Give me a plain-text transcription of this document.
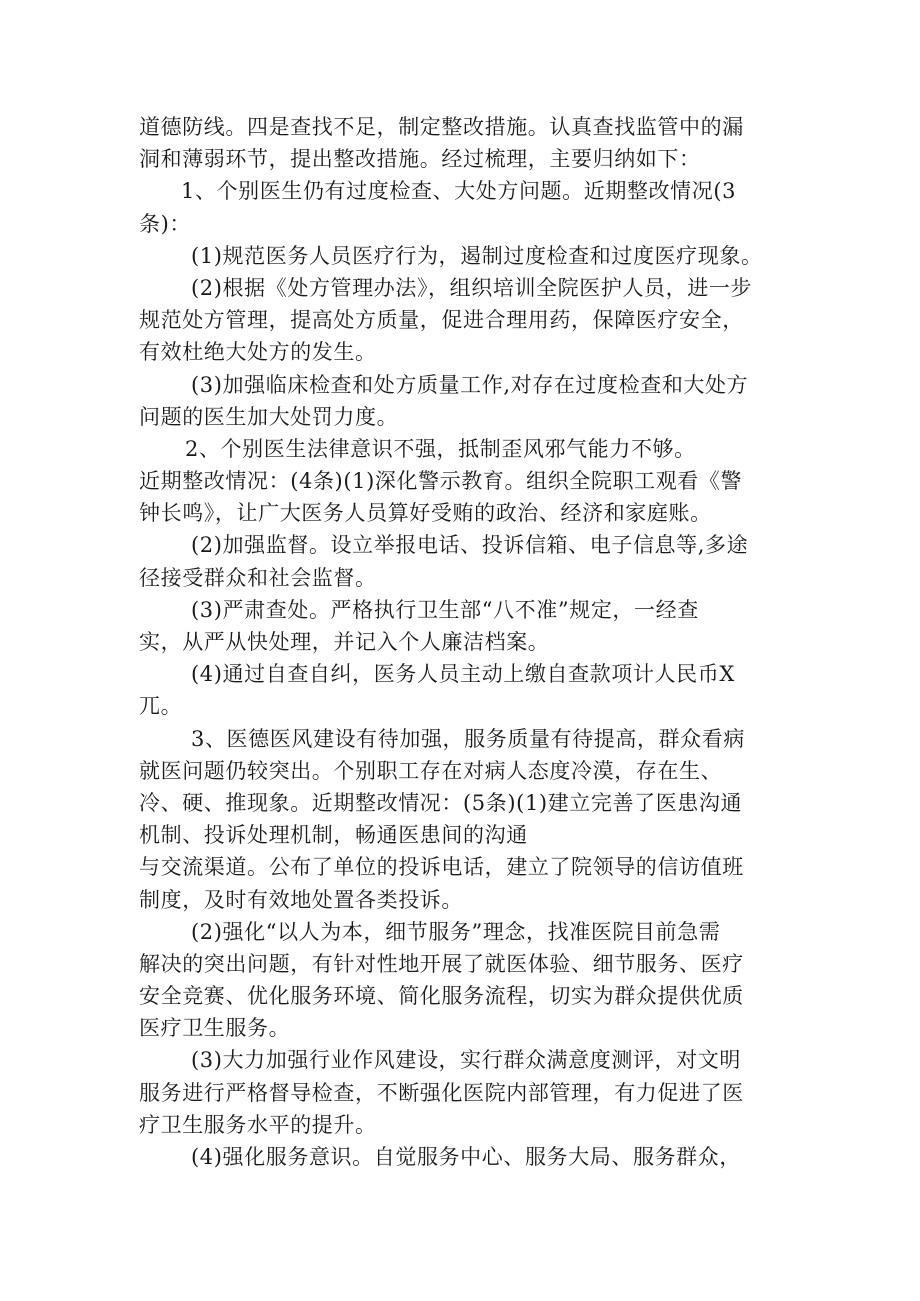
道德防线。四是查找不足，制定整改措施。认真查找监管中的漏
洞和薄弱环节，提出整改措施。经过梳理，主要归纳如下：
1、个别医生仍有过度检查、大处方问题。近期整改情况(3
条)：
(1)规范医务人员医疗行为，遏制过度检查和过度医疗现象。
(2)根据《处方管理办法》，组织培训全院医护人员，进一步
规范处方管理，提高处方质量，促进合理用药，保障医疗安全，
有效杜绝大处方的发生。
(3)加强临床检查和处方质量工作,对存在过度检查和大处方
问题的医生加大处罚力度。
2、个别医生法律意识不强，抵制歪风邪气能力不够。
近期整改情况：(4条)(1)深化警示教育。组织全院职工观看《警
钟长鸣》，让广大医务人员算好受贿的政治、经济和家庭账。
(2)加强监督。设立举报电话、投诉信箱、电子信息等,多途
径接受群众和社会监督。
(3)严肃查处。严格执行卫生部“八不准”规定，一经查
实，从严从快处理，并记入个人廉洁档案。
(4)通过自查自纠，医务人员主动上缴自查款项计人民币X
兀。
3、医德医风建设有待加强，服务质量有待提高，群众看病
就医问题仍较突出。个别职工存在对病人态度冷漠，存在生、
冷、硬、推现象。近期整改情况：(5条)(1)建立完善了医患沟通
机制、投诉处理机制，畅通医患间的沟通
与交流渠道。公布了单位的投诉电话，建立了院领导的信访值班
制度，及时有效地处置各类投诉。
(2)强化“以人为本，细节服务”理念，找准医院目前急需
解决的突出问题，有针对性地开展了就医体验、细节服务、医疗
安全竞赛、优化服务环境、简化服务流程，切实为群众提供优质
医疗卫生服务。
(3)大力加强行业作风建设，实行群众满意度测评，对文明
服务进行严格督导检查，不断强化医院内部管理，有力促进了医
疗卫生服务水平的提升。
(4)强化服务意识。自觉服务中心、服务大局、服务群众，
